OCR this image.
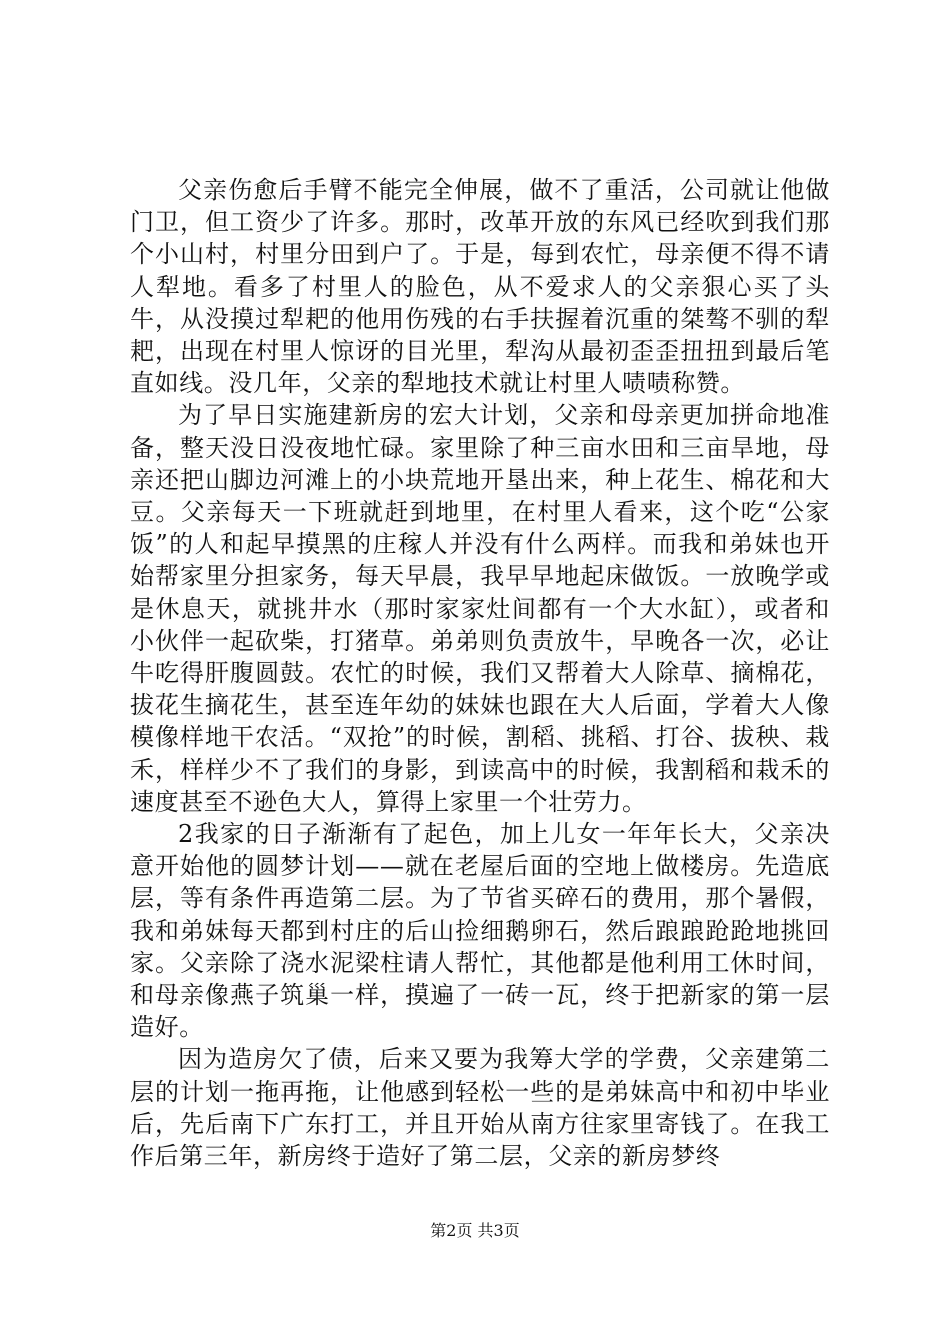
父亲伤愈后手臂不能完全伸展，做不了重活，公司就让他做门卫，但工资少了许多。那时，改革开放的东风已经吹到我们那个小山村，村里分田到户了。于是，每到农忙，母亲便不得不请人犁地。看多了村里人的脸色，从不爱求人的父亲狠心买了头牛，从没摸过犁耙的他用伤残的右手扶握着沉重的桀骜不驯的犁耙，出现在村里人惊讶的目光里，犁沟从最初歪歪扭扭到最后笔直如线。没几年，父亲的犁地技术就让村里人啧啧称赞。

为了早日实施建新房的宏大计划，父亲和母亲更加拼命地准备，整天没日没夜地忙碌。家里除了种三亩水田和三亩旱地，母亲还把山脚边河滩上的小块荒地开垦出来，种上花生、棉花和大豆。父亲每天一下班就赶到地里，在村里人看来，这个吃“公家饭”的人和起早摸黑的庄稼人并没有什么两样。而我和弟妹也开始帮家里分担家务，每天早晨，我早早地起床做饭。一放晚学或是休息天，就挑井水（那时家家灶间都有一个大水缸），或者和小伙伴一起砍柴，打猪草。弟弟则负责放牛，早晚各一次，必让牛吃得肝腹圆鼓。农忙的时候，我们又帮着大人除草、摘棉花，拔花生摘花生，甚至连年幼的妹妹也跟在大人后面，学着大人像模像样地干农活。“双抢”的时候，割稻、挑稻、打谷、拔秧、栽禾，样样少不了我们的身影，到读高中的时候，我割稻和栽禾的速度甚至不逊色大人，算得上家里一个壮劳力。

2我家的日子渐渐有了起色，加上儿女一年年长大，父亲决意开始他的圆梦计划——就在老屋后面的空地上做楼房。先造底层，等有条件再造第二层。为了节省买碎石的费用，那个暑假，我和弟妹每天都到村庄的后山捡细鹅卵石，然后踉踉跄跄地挑回家。父亲除了浇水泥梁柱请人帮忙，其他都是他利用工休时间，和母亲像燕子筑巢一样，摸遍了一砖一瓦，终于把新家的第一层造好。

因为造房欠了债，后来又要为我筹大学的学费，父亲建第二层的计划一拖再拖，让他感到轻松一些的是弟妹高中和初中毕业后，先后南下广东打工，并且开始从南方往家里寄钱了。在我工作后第三年，新房终于造好了第二层，父亲的新房梦终

第2页 共3页
